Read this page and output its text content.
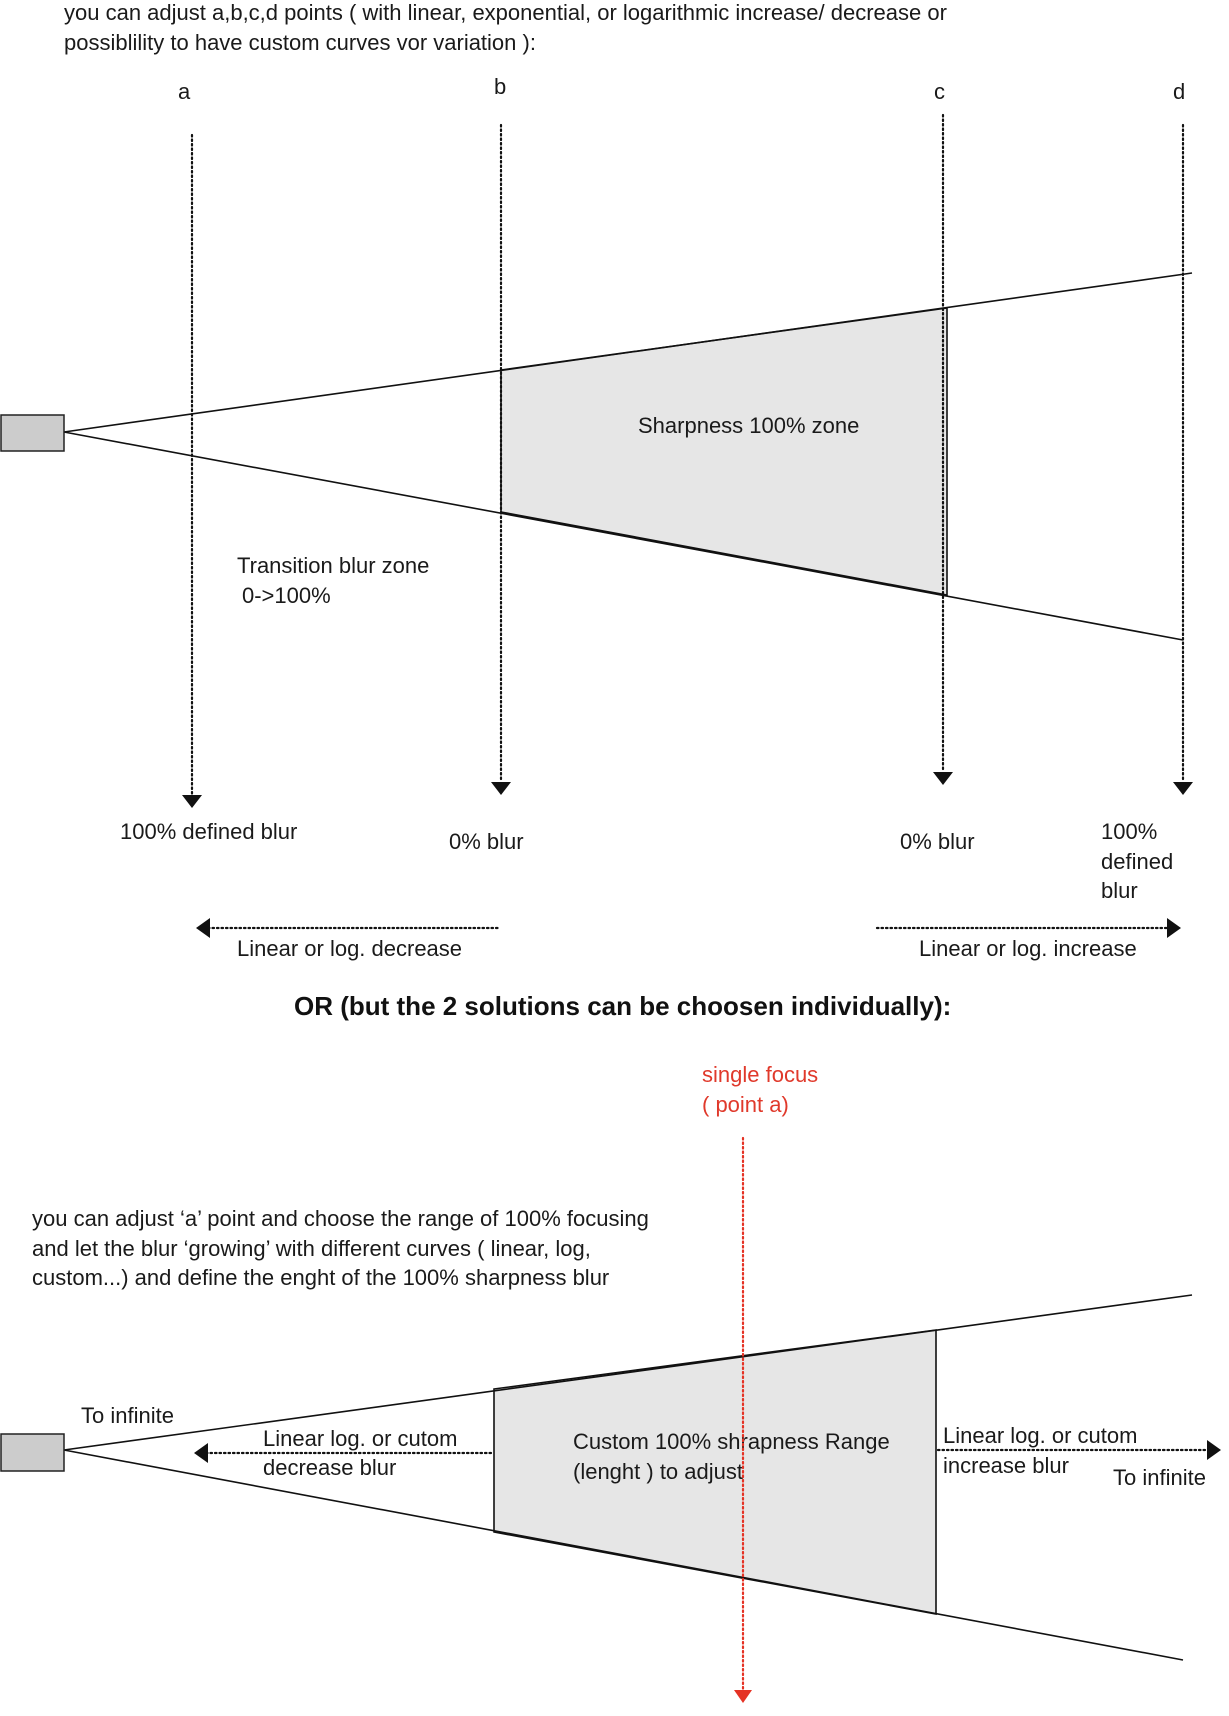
you can adjust a,b,c,d points ( with linear, exponential, or logarithmic increase/ decrease or
possiblility to have custom curves vor variation ):
a	b	c	d
Sharpness 100% zone
Transition blur zone
0->100%
100% defined blur	0% blur	0% blur	100%
defined
blur
Linear or log. decrease	Linear or log. increase
OR (but the 2 solutions can be choosen individually):
single focus
( point a)
you can adjust ‘a’ point and choose the range of 100% focusing
and let the blur ‘growing’ with different curves ( linear, log,
custom...) and define the enght of the 100% sharpness blur
To infinite
Linear log. or cutom
decrease blur
Custom 100% shrapness Range
(lenght ) to adjust
Linear log. or cutom
increase blur To infinite
